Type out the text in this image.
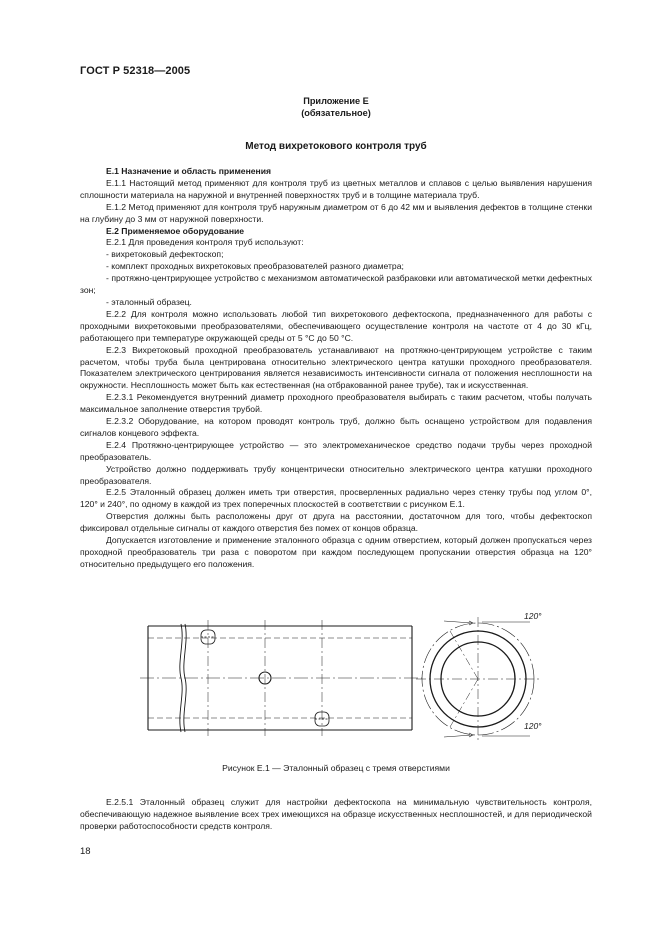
ГОСТ Р 52318—2005
Приложение Е
(обязательное)
Метод вихретокового контроля труб

Е.1 Назначение и область применения

Е.1.1 Настоящий метод применяют для контроля труб из цветных металлов и сплавов с целью выявления нарушения сплошности материала на наружной и внутренней поверхностях труб и в толщине материала труб.

Е.1.2 Метод применяют для контроля труб наружным диаметром от 6 до 42 мм и выявления дефектов в толщине стенки на глубину до 3 мм от наружной поверхности.

Е.2 Применяемое оборудование

Е.2.1 Для проведения контроля труб используют:

- вихретоковый дефектоскоп;

- комплект проходных вихретоковых преобразователей разного диаметра;

- протяжно-центрирующее устройство с механизмом автоматической разбраковки или автоматической метки дефектных зон;

- эталонный образец.

Е.2.2 Для контроля можно использовать любой тип вихретокового дефектоскопа, предназначенного для работы с проходными вихретоковыми преобразователями, обеспечивающего осуществление контроля на частоте от 4 до 30 кГц, работающего при температуре окружающей среды от 5 °С до 50 °С.

Е.2.3 Вихретоковый проходной преобразователь устанавливают на протяжно-центрирующем устройстве с таким расчетом, чтобы труба была центрирована относительно электрического центра катушки проходного преобразователя. Показателем электрического центрирования является независимость интенсивности сигнала от положения несплошности на окружности. Несплошность может быть как естественная (на отбракованной ранее трубе), так и искусственная.

Е.2.3.1 Рекомендуется внутренний диаметр проходного преобразователя выбирать с таким расчетом, чтобы получать максимальное заполнение отверстия трубой.

Е.2.3.2 Оборудование, на котором проводят контроль труб, должно быть оснащено устройством для подавления сигналов концевого эффекта.

Е.2.4 Протяжно-центрирующее устройство — это электромеханическое средство подачи трубы через проходной преобразователь.

Устройство должно поддерживать трубу концентрически относительно электрического центра катушки проходного преобразователя.

Е.2.5 Эталонный образец должен иметь три отверстия, просверленных радиально через стенку трубы под углом 0°, 120° и 240°, по одному в каждой из трех поперечных плоскостей в соответствии с рисунком Е.1.

Отверстия должны быть расположены друг от друга на расстоянии, достаточном для того, чтобы дефектоскоп фиксировал отдельные сигналы от каждого отверстия без помех от концов образца.

Допускается изготовление и применение эталонного образца с одним отверстием, который должен пропускаться через проходной преобразователь три раза с поворотом при каждом последующем пропускании отверстия образца на 120° относительно предыдущего его положения.

120°
120°
Рисунок Е.1 — Эталонный образец с тремя отверстиями

Е.2.5.1 Эталонный образец служит для настройки дефектоскопа на минимальную чувствительность контроля, обеспечивающую надежное выявление всех трех имеющихся на образце искусственных несплошностей, и для периодической проверки работоспособности средств контроля.

18
